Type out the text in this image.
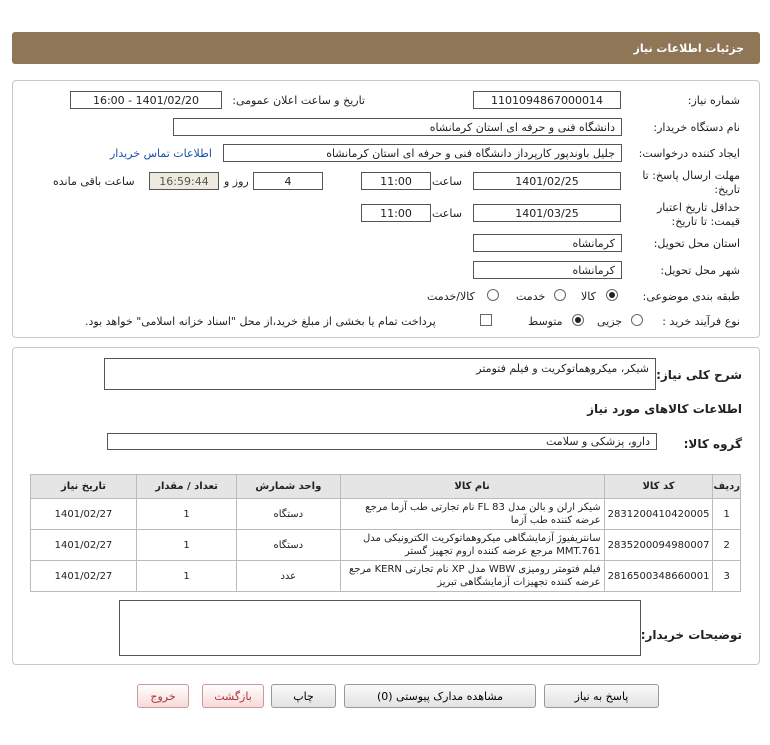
جزئیات اطلاعات نیاز
شماره نیاز:
1101094867000014
تاریخ و ساعت اعلان عمومی:
1401/02/20 - 16:00
نام دستگاه خریدار:
دانشگاه فنی و حرفه ای استان کرمانشاه
ایجاد کننده درخواست:
جلیل باوندپور کارپرداز دانشگاه فنی و حرفه ای استان کرمانشاه
اطلاعات تماس خریدار
مهلت ارسال پاسخ: تا
تاریخ:
1401/02/25
ساعت
11:00
4
روز و
16:59:44
ساعت باقی مانده
حداقل تاریخ اعتبار
قیمت: تا تاریخ:
1401/03/25
ساعت
11:00
استان محل تحویل:
کرمانشاه
شهر محل تحویل:
کرمانشاه
طبقه بندی موضوعی:
کالا
خدمت
کالا/خدمت
نوع فرآیند خرید :
جزیی
متوسط
پرداخت تمام یا بخشی از مبلغ خرید،از محل "اسناد خزانه اسلامی" خواهد بود.
شرح کلی نیاز:
شیکر، میکروهماتوکریت و فیلم فتومتر
اطلاعات کالاهای مورد نیاز
گروه کالا:
دارو، پزشکی و سلامت
ردیف	کد کالا	نام کالا	واحد شمارش	تعداد / مقدار	تاریخ نیاز
1	2831200410420005	شیکر ارلن و بالن مدل FL 83 نام تجارتی طب آزما مرجع عرضه کننده طب آزما	دستگاه	1	1401/02/27
2	2835200094980007	سانتریفیوژ آزمایشگاهی میکروهماتوکریت الکترونیکی مدل MMT.761 مرجع عرضه کننده اروم تجهیز گستر	دستگاه	1	1401/02/27
3	2816500348660001	فیلم فتومتر رومیزی WBW مدل XP نام تجارتی KERN مرجع عرضه کننده تجهیزات آزمایشگاهی تبریز	عدد	1	1401/02/27
توضیحات خریدار:
پاسخ به نیاز
مشاهده مدارک پیوستی (0)
چاپ
بازگشت
خروج
